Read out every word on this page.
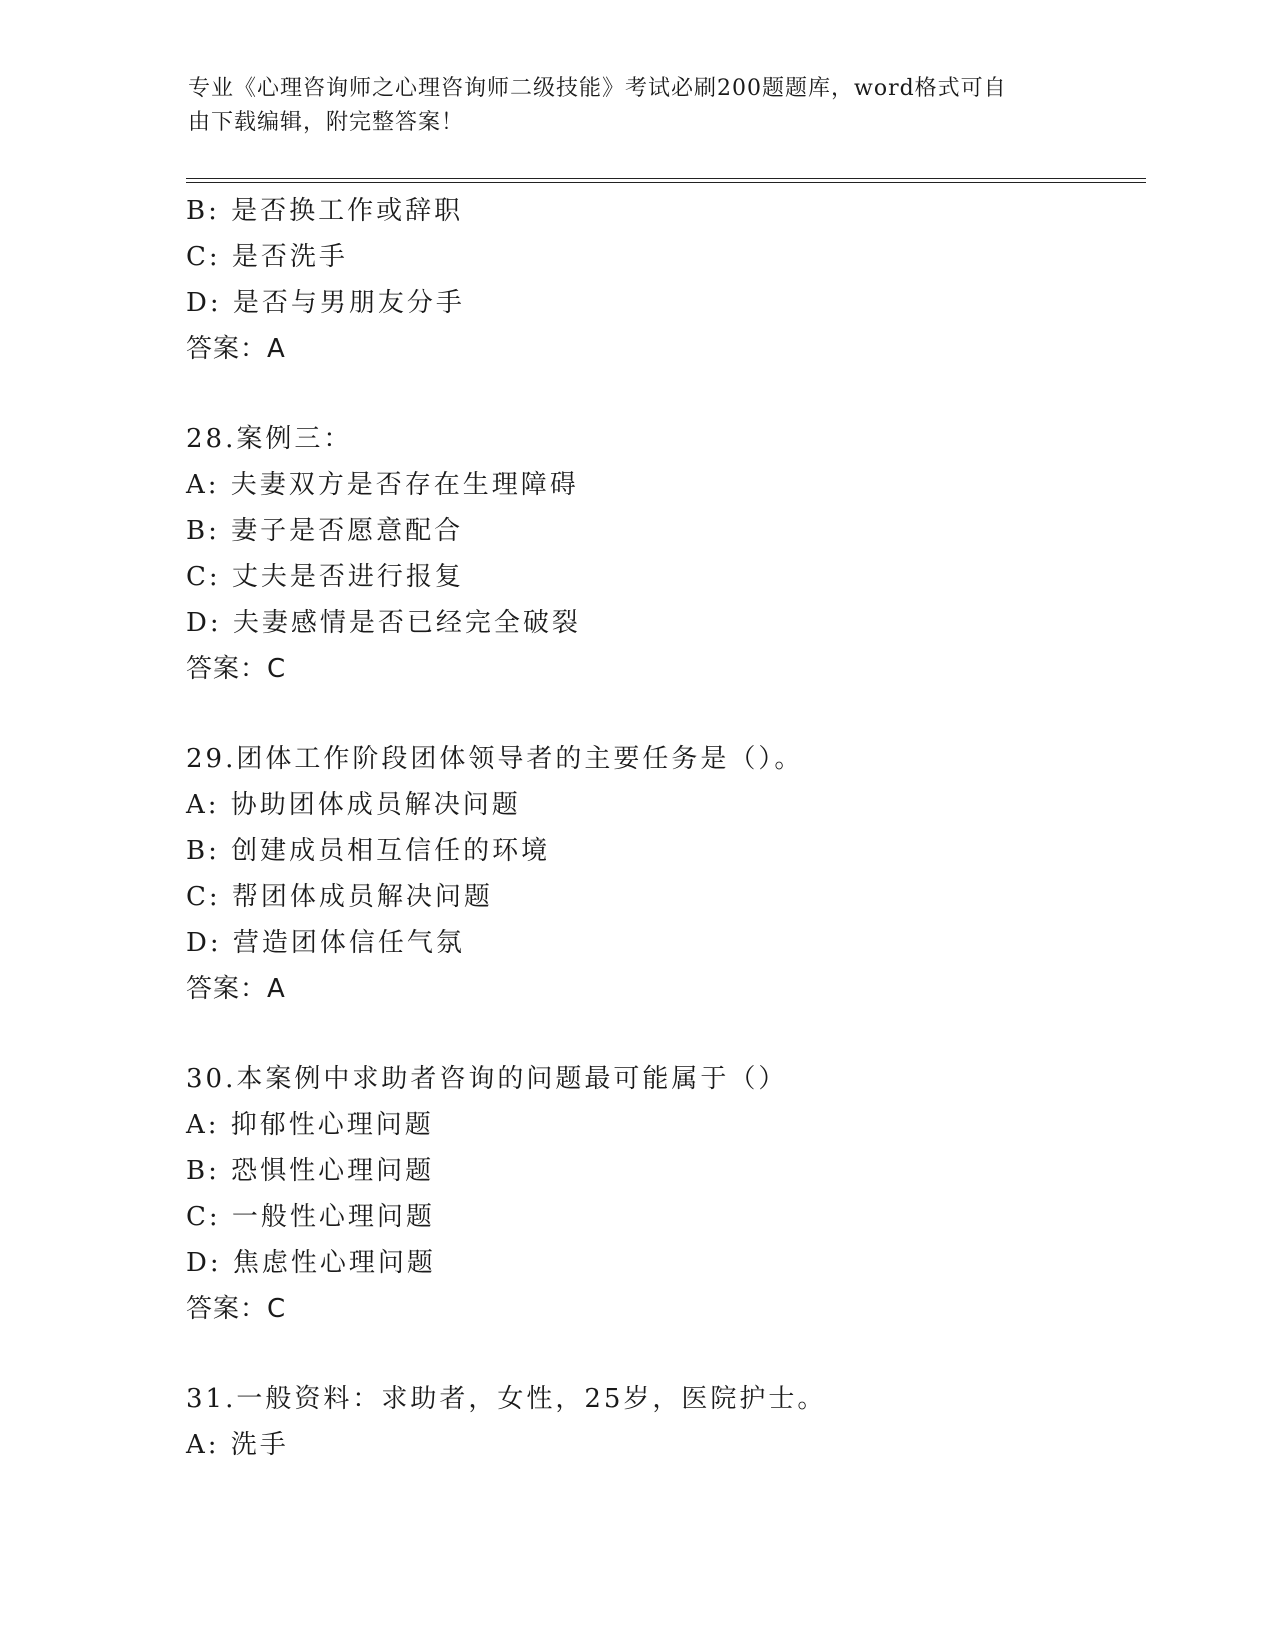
专业《心理咨询师之心理咨询师二级技能》考试必刷200题题库，word格式可自
由下载编辑，附完整答案！
B: 是否换工作或辞职
C: 是否洗手
D: 是否与男朋友分手
答案：A
28.案例三：
A: 夫妻双方是否存在生理障碍
B: 妻子是否愿意配合
C: 丈夫是否进行报复
D: 夫妻感情是否已经完全破裂
答案：C
29.团体工作阶段团体领导者的主要任务是（）。
A: 协助团体成员解决问题
B: 创建成员相互信任的环境
C: 帮团体成员解决问题
D: 营造团体信任气氛
答案：A
30.本案例中求助者咨询的问题最可能属于（）
A: 抑郁性心理问题
B: 恐惧性心理问题
C: 一般性心理问题
D: 焦虑性心理问题
答案：C
31.一般资料：求助者，女性，25岁，医院护士。
A: 洗手
